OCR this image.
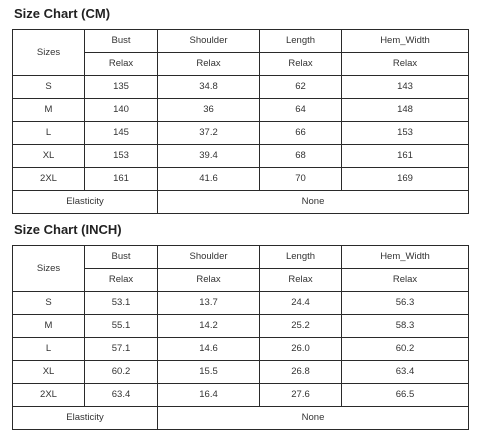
Size Chart (CM)
Sizes	Bust	Shoulder	Length	Hem_Width
	Relax	Relax	Relax	Relax
S	135	34.8	62	143
M	140	36	64	148
L	145	37.2	66	153
XL	153	39.4	68	161
2XL	161	41.6	70	169
Elasticity		None		
Size Chart (INCH)
Sizes	Bust	Shoulder	Length	Hem_Width
	Relax	Relax	Relax	Relax
S	53.1	13.7	24.4	56.3
M	55.1	14.2	25.2	58.3
L	57.1	14.6	26.0	60.2
XL	60.2	15.5	26.8	63.4
2XL	63.4	16.4	27.6	66.5
Elasticity		None		
